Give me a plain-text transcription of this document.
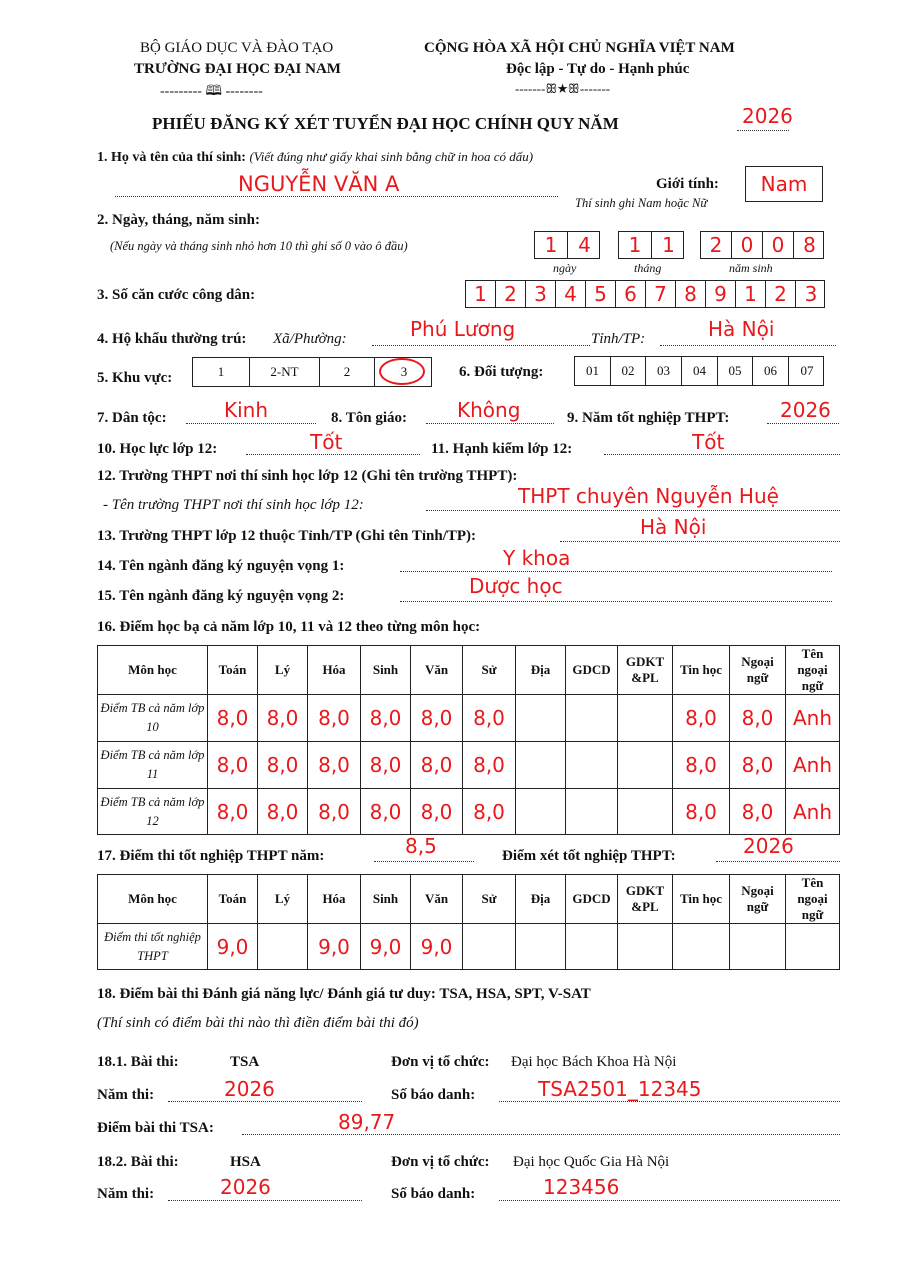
BỘ GIÁO DỤC VÀ ĐÀO TẠO
TRƯỜNG ĐẠI HỌC ĐẠI NAM
--------- 🕮 --------
CỘNG HÒA XÃ HỘI CHỦ NGHĨA VIỆT NAM
Độc lập - Tự do - Hạnh phúc
-------ꕥ★ꕥ-------
PHIẾU ĐĂNG KÝ XÉT TUYỂN ĐẠI HỌC CHÍNH QUY NĂM	2026
1. Họ và tên của thí sinh: (Viết đúng như giấy khai sinh bằng chữ in hoa có dấu)
NGUYỄN VĂN A	Giới tính: Nam
Thí sinh ghi Nam hoặc Nữ
2. Ngày, tháng, năm sinh:
(Nếu ngày và tháng sinh nhỏ hơn 10 thì ghi số 0 vào ô đầu)	1 4 1 1 2 0 0 8
ngày	tháng	năm sinh
3. Số căn cước công dân:	1 2 3 4 5 6 7 8 9 1 2 3
4. Hộ khẩu thường trú: Xã/Phường:	Phú Lương	Tỉnh/TP:	Hà Nội
5. Khu vực:	1	2-NT	2	3	6. Đối tượng:	01 02 03 04 05 06 07
7. Dân tộc:	Kinh	8. Tôn giáo:	Không	9. Năm tốt nghiệp THPT:	2026
10. Học lực lớp 12:	Tốt	11. Hạnh kiểm lớp 12:	Tốt
12. Trường THPT nơi thí sinh học lớp 12 (Ghi tên trường THPT):
- Tên trường THPT nơi thí sinh học lớp 12:	THPT chuyên Nguyễn Huệ
13. Trường THPT lớp 12 thuộc Tỉnh/TP (Ghi tên Tỉnh/TP):	Hà Nội
14. Tên ngành đăng ký nguyện vọng 1:	Y khoa
15. Tên ngành đăng ký nguyện vọng 2:	Dược học
16. Điểm học bạ cả năm lớp 10, 11 và 12 theo từng môn học:
Môn học	Toán	Lý	Hóa	Sinh	Văn	Sử	Địa	GDCD	GDKT &PL	Tin học	Ngoại ngữ	Tên ngoại ngữ
Điểm TB cả năm lớp 10	8,0	8,0	8,0	8,0	8,0	8,0				8,0	8,0	Anh
Điểm TB cả năm lớp 11	8,0	8,0	8,0	8,0	8,0	8,0				8,0	8,0	Anh
Điểm TB cả năm lớp 12	8,0	8,0	8,0	8,0	8,0	8,0				8,0	8,0	Anh
17. Điểm thi tốt nghiệp THPT năm:	8,5	Điểm xét tốt nghiệp THPT:	2026
Môn học	Toán	Lý	Hóa	Sinh	Văn	Sử	Địa	GDCD	GDKT &PL	Tin học	Ngoại ngữ	Tên ngoại ngữ
Điểm thi tốt nghiệp THPT	9,0		9,0	9,0	9,0							
18. Điểm bài thi Đánh giá năng lực/ Đánh giá tư duy: TSA, HSA, SPT, V-SAT
(Thí sinh có điểm bài thi nào thì điền điểm bài thi đó)
18.1. Bài thi:	TSA	Đơn vị tổ chức: Đại học Bách Khoa Hà Nội
Năm thi:	2026	Số báo danh:	TSA2501_12345
Điểm bài thi TSA:	89,77
18.2. Bài thi:	HSA	Đơn vị tổ chức: Đại học Quốc Gia Hà Nội
Năm thi:	2026	Số báo danh:	123456
